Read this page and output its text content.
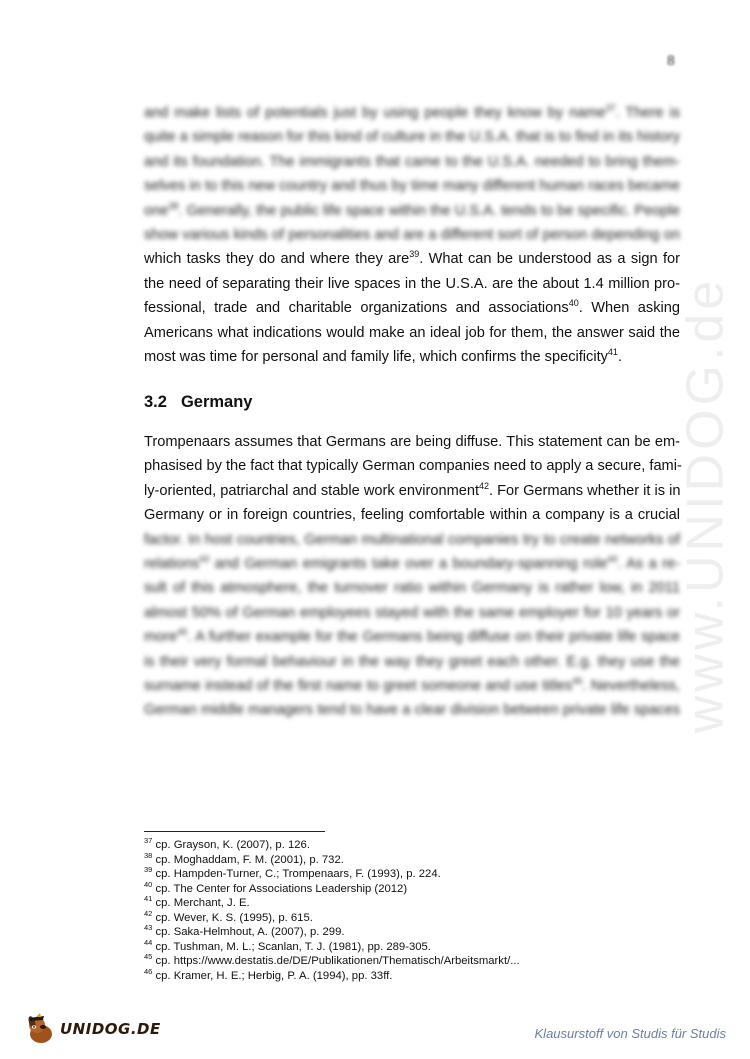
8
www.UNIDOG.de

and make lists of potentials just by using people they know by name$^{37}$. There is
quite a simple reason for this kind of culture in the U.S.A. that is to find in its history
and its foundation. The immigrants that came to the U.S.A. needed to bring them-
selves in to this new country and thus by time many different human races became
one$^{38}$. Generally, the public life space within the U.S.A. tends to be specific. People
show various kinds of personalities and are a different sort of person depending on
which tasks they do and where they are$^{39}$. What can be understood as a sign for
the need of separating their live spaces in the U.S.A. are the about 1.4 million pro-
fessional, trade and charitable organizations and associations$^{40}$. When asking
Americans what indications would make an ideal job for them, the answer said the
most was time for personal and family life, which confirms the specificity$^{41}$.

3.2 Germany

Trompenaars assumes that Germans are being diffuse. This statement can be em-
phasised by the fact that typically German companies need to apply a secure, fami-
ly-oriented, patriarchal and stable work environment$^{42}$. For Germans whether it is in
Germany or in foreign countries, feeling comfortable within a company is a crucial
factor. In host countries, German multinational companies try to create networks of
relations$^{43}$ and German emigrants take over a boundary-spanning role$^{44}$. As a re-
sult of this atmosphere, the turnover ratio within Germany is rather low, in 2011
almost 50% of German employees stayed with the same employer for 10 years or
more$^{45}$. A further example for the Germans being diffuse on their private life space
is their very formal behaviour in the way they greet each other. E.g. they use the
surname instead of the first name to greet someone and use titles$^{46}$. Nevertheless,
German middle managers tend to have a clear division between private life spaces

$^{37}$ cp. Grayson, K. (2007), p. 126.
$^{38}$ cp. Moghaddam, F. M. (2001), p. 732.
$^{39}$ cp. Hampden-Turner, C.; Trompenaars, F. (1993), p. 224.
$^{40}$ cp. The Center for Associations Leadership (2012)
$^{41}$ cp. Merchant, J. E.
$^{42}$ cp. Wever, K. S. (1995), p. 615.
$^{43}$ cp. Saka-Helmhout, A. (2007), p. 299.
$^{44}$ cp. Tushman, M. L.; Scanlan, T. J. (1981), pp. 289-305.
$^{45}$ cp. https://www.destatis.de/DE/Publikationen/Thematisch/Arbeitsmarkt/...
$^{46}$ cp. Kramer, H. E.; Herbig, P. A. (1994), pp. 33ff.
UNIDOG.DE	Klausurstoff von Studis für Studis
